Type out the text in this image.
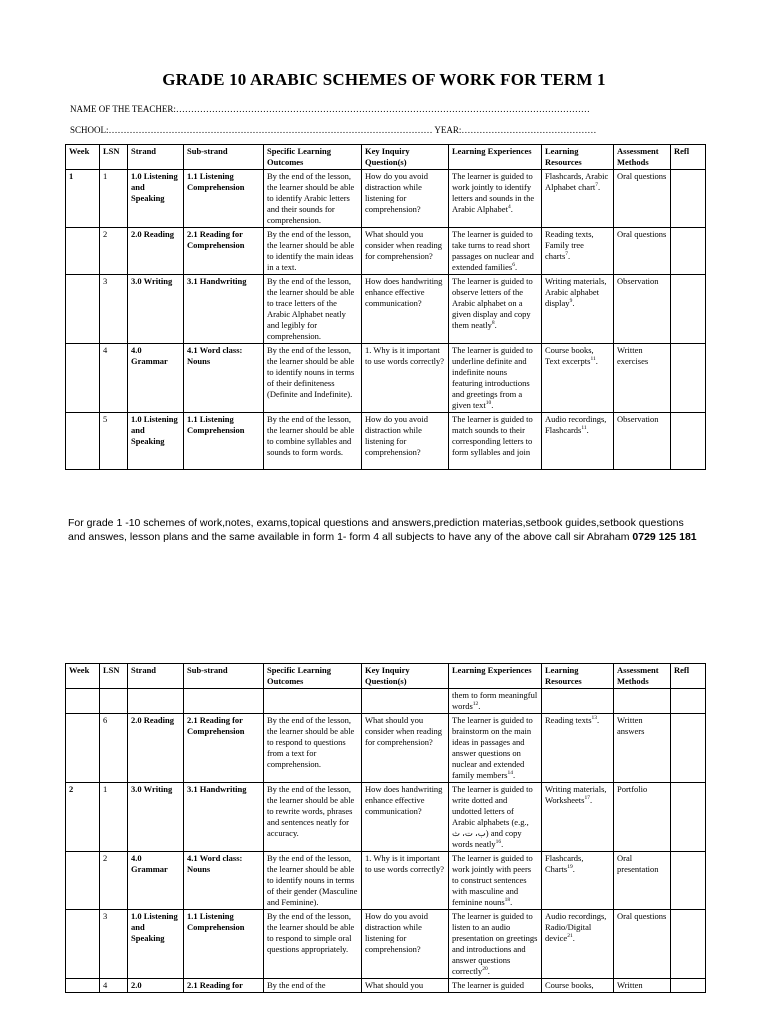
GRADE 10 ARABIC SCHEMES OF WORK FOR TERM 1
NAME OF THE TEACHER:…………………………………………………………………………………………………………………………
SCHOOL:……………………………………………………………………………………………… YEAR:………………………………………
Week	LSN	Strand	Sub-strand	Specific Learning Outcomes	Key Inquiry Question(s)	Learning Experiences	Learning Resources	Assessment Methods	Refl
1	1	1.0 Listening and Speaking	1.1 Listening Comprehension	By the end of the lesson, the learner should be able to identify Arabic letters and their sounds for comprehension.	How do you avoid distraction while listening for comprehension?	The learner is guided to work jointly to identify letters and sounds in the Arabic Alphabet$^4$.	Flashcards, Arabic Alphabet chart$^7$.	Oral questions	
	2	2.0 Reading	2.1 Reading for Comprehension	By the end of the lesson, the learner should be able to identify the main ideas in a text.	What should you consider when reading for comprehension?	The learner is guided to take turns to read short passages on nuclear and extended families$^6$.	Reading texts, Family tree charts$^7$.	Oral questions	
	3	3.0 Writing	3.1 Handwriting	By the end of the lesson, the learner should be able to trace letters of the Arabic Alphabet neatly and legibly for comprehension.	How does handwriting enhance effective communication?	The learner is guided to observe letters of the Arabic alphabet on a given display and copy them neatly$^8$.	Writing materials, Arabic alphabet display$^9$.	Observation	
	4	4.0 Grammar	4.1 Word class: Nouns	By the end of the lesson, the learner should be able to identify nouns in terms of their definiteness (Definite and Indefinite).	1. Why is it important to use words correctly?	The learner is guided to underline definite and indefinite nouns featuring introductions and greetings from a given text$^{10}$.	Course books, Text excerpts$^{11}$.	Written exercises	
	5	1.0 Listening and Speaking	1.1 Listening Comprehension	By the end of the lesson, the learner should be able to combine syllables and sounds to form words.	How do you avoid distraction while listening for comprehension?	The learner is guided to match sounds to their corresponding letters to form syllables and join	Audio recordings, Flashcards$^{11}$.	Observation	
For grade 1 -10 schemes of work,notes, exams,topical questions and answers,prediction materias,setbook guides,setbook questions and answes, lesson plans and the same available in form 1- form 4 all subjects to have any of the above call sir Abraham 0729 125 181
Week	LSN	Strand	Sub-strand	Specific Learning Outcomes	Key Inquiry Question(s)	Learning Experiences	Learning Resources	Assessment Methods	Refl
						them to form meaningful words$^{12}$.			
	6	2.0 Reading	2.1 Reading for Comprehension	By the end of the lesson, the learner should be able to respond to questions from a text for comprehension.	What should you consider when reading for comprehension?	The learner is guided to brainstorm on the main ideas in passages and answer questions on nuclear and extended family members$^{14}$.	Reading texts$^{13}$.	Written answers	
2	1	3.0 Writing	3.1 Handwriting	By the end of the lesson, the learner should be able to rewrite words, phrases and sentences neatly for accuracy.	How does handwriting enhance effective communication?	The learner is guided to write dotted and undotted letters of Arabic alphabets (e.g., ب، ت، ث) and copy words neatly$^{16}$.	Writing materials, Worksheets$^{17}$.	Portfolio	
	2	4.0 Grammar	4.1 Word class: Nouns	By the end of the lesson, the learner should be able to identify nouns in terms of their gender (Masculine and Feminine).	1. Why is it important to use words correctly?	The learner is guided to work jointly with peers to construct sentences with masculine and feminine nouns$^{18}$.	Flashcards, Charts$^{19}$.	Oral presentation	
	3	1.0 Listening and Speaking	1.1 Listening Comprehension	By the end of the lesson, the learner should be able to respond to simple oral questions appropriately.	How do you avoid distraction while listening for comprehension?	The learner is guided to listen to an audio presentation on greetings and introductions and answer questions correctly$^{20}$.	Audio recordings, Radio/Digital device$^{21}$.	Oral questions	
	4	2.0	2.1 Reading for	By the end of the	What should you	The learner is guided	Course books,	Written	
